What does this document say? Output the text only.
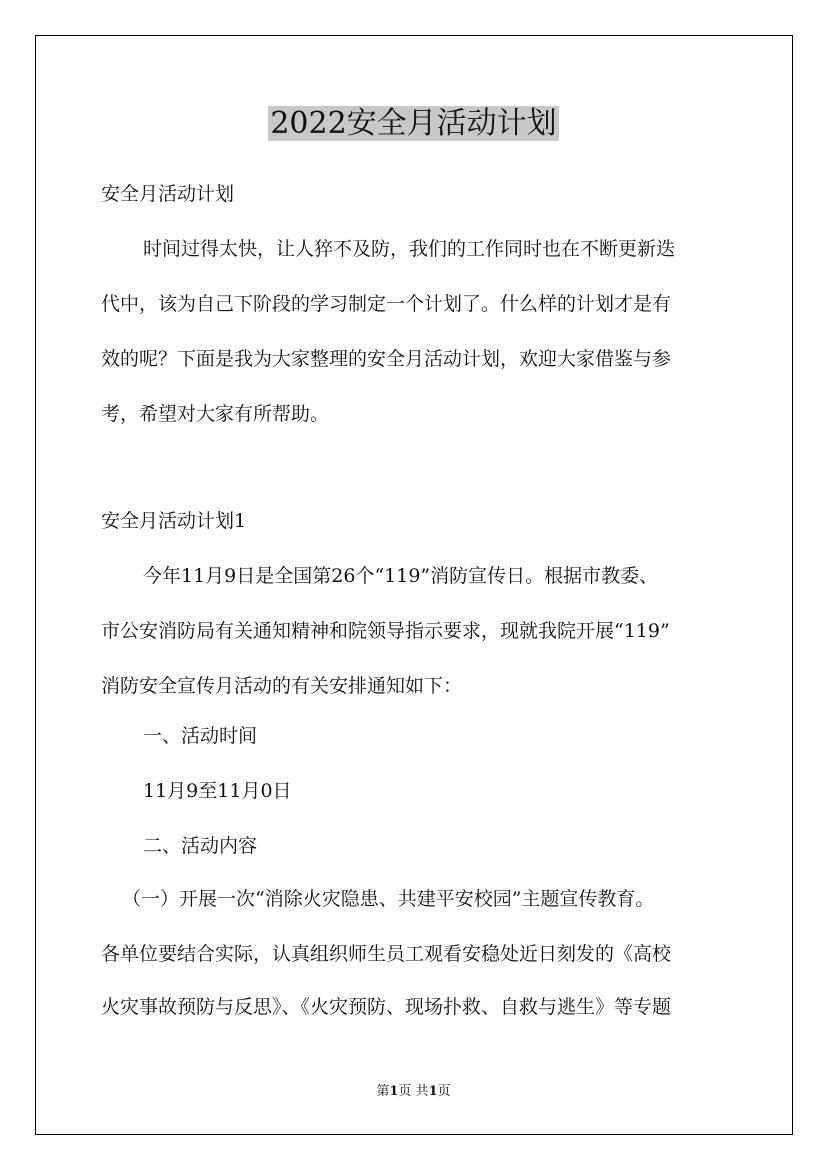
2022安全月活动计划
安全月活动计划
时间过得太快，让人猝不及防，我们的工作同时也在不断更新迭
代中，该为自己下阶段的学习制定一个计划了。什么样的计划才是有
效的呢？下面是我为大家整理的安全月活动计划，欢迎大家借鉴与参
考，希望对大家有所帮助。
安全月活动计划1
今年11月9日是全国第26个“119”消防宣传日。根据市教委、
市公安消防局有关通知精神和院领导指示要求，现就我院开展“119”
消防安全宣传月活动的有关安排通知如下：
一、活动时间
11月9至11月0日
二、活动内容
（一）开展一次“消除火灾隐患、共建平安校园”主题宣传教育。
各单位要结合实际，认真组织师生员工观看安稳处近日刻发的《高校
火灾事故预防与反思》、《火灾预防、现场扑救、自救与逃生》等专题
第1页 共1页
